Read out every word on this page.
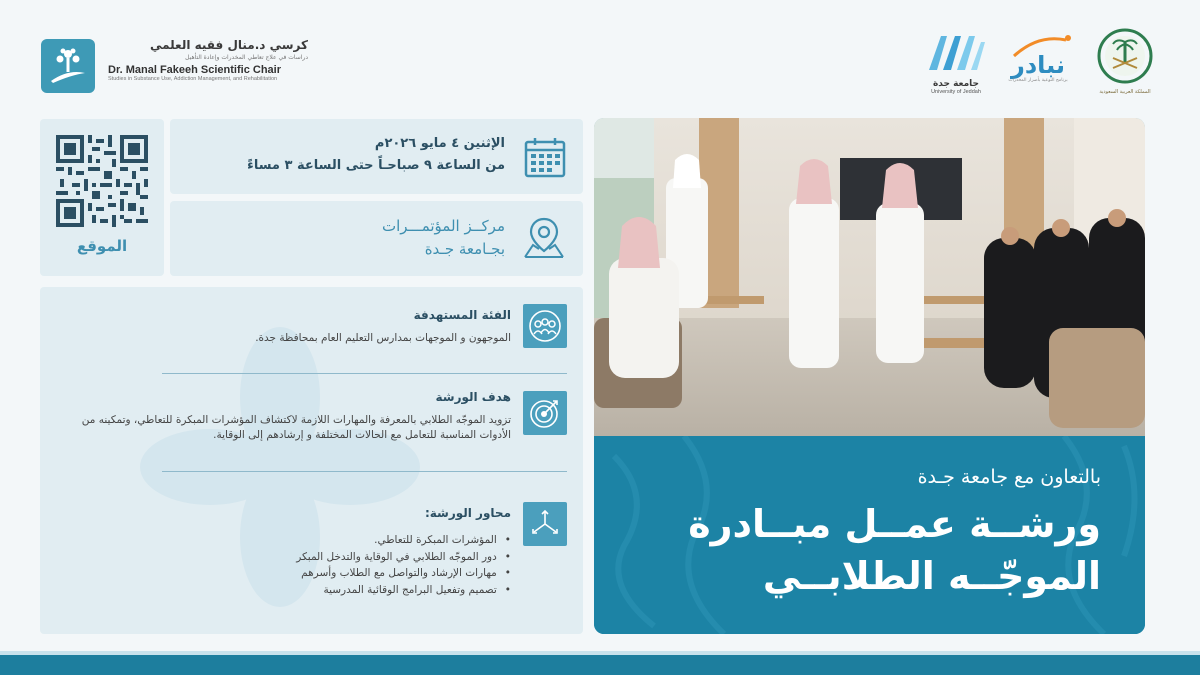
كرسي د.منال فقيه العلمي
دراسات في علاج تعاطي المخدرات وإعادة التأهيل
Dr. Manal Fakeeh Scientific Chair
Studies in Substance Use, Addiction Management, and Rehabilitation	جامعة جدة
University of Jeddah
نبادر
برنامج التوعية بأضرار المخدرات
المملكة العربية السعودية
الموقع
الإثنين ٤ مايو ٢٠٢٦م
من الساعة ٩ صباحـاً حتى الساعة ٣ مساءً
مركــز المؤتمـــرات
بجـامعة جـدة
الفئة المستهدفة
الموجهون و الموجهات بمدارس التعليم العام بمحافظة جدة.
هدف الورشة
تزويد الموجّه الطلابي بالمعرفة والمهارات اللازمة لاكتشاف المؤشرات المبكرة للتعاطي، وتمكينه من الأدوات المناسبة للتعامل مع الحالات المختلفة و إرشادهم إلى الوقاية.
محاور الورشة:
• المؤشرات المبكرة للتعاطي.
• دور الموجّه الطلابي في الوقاية والتدخل المبكر
• مهارات الإرشاد والتواصل مع الطلاب وأسرهم
• تصميم وتفعيل البرامج الوقائية المدرسية
بالتعاون مع جامعة جـدة
ورشــة عمــل مبــادرة
الموجّــه الطلابــي
